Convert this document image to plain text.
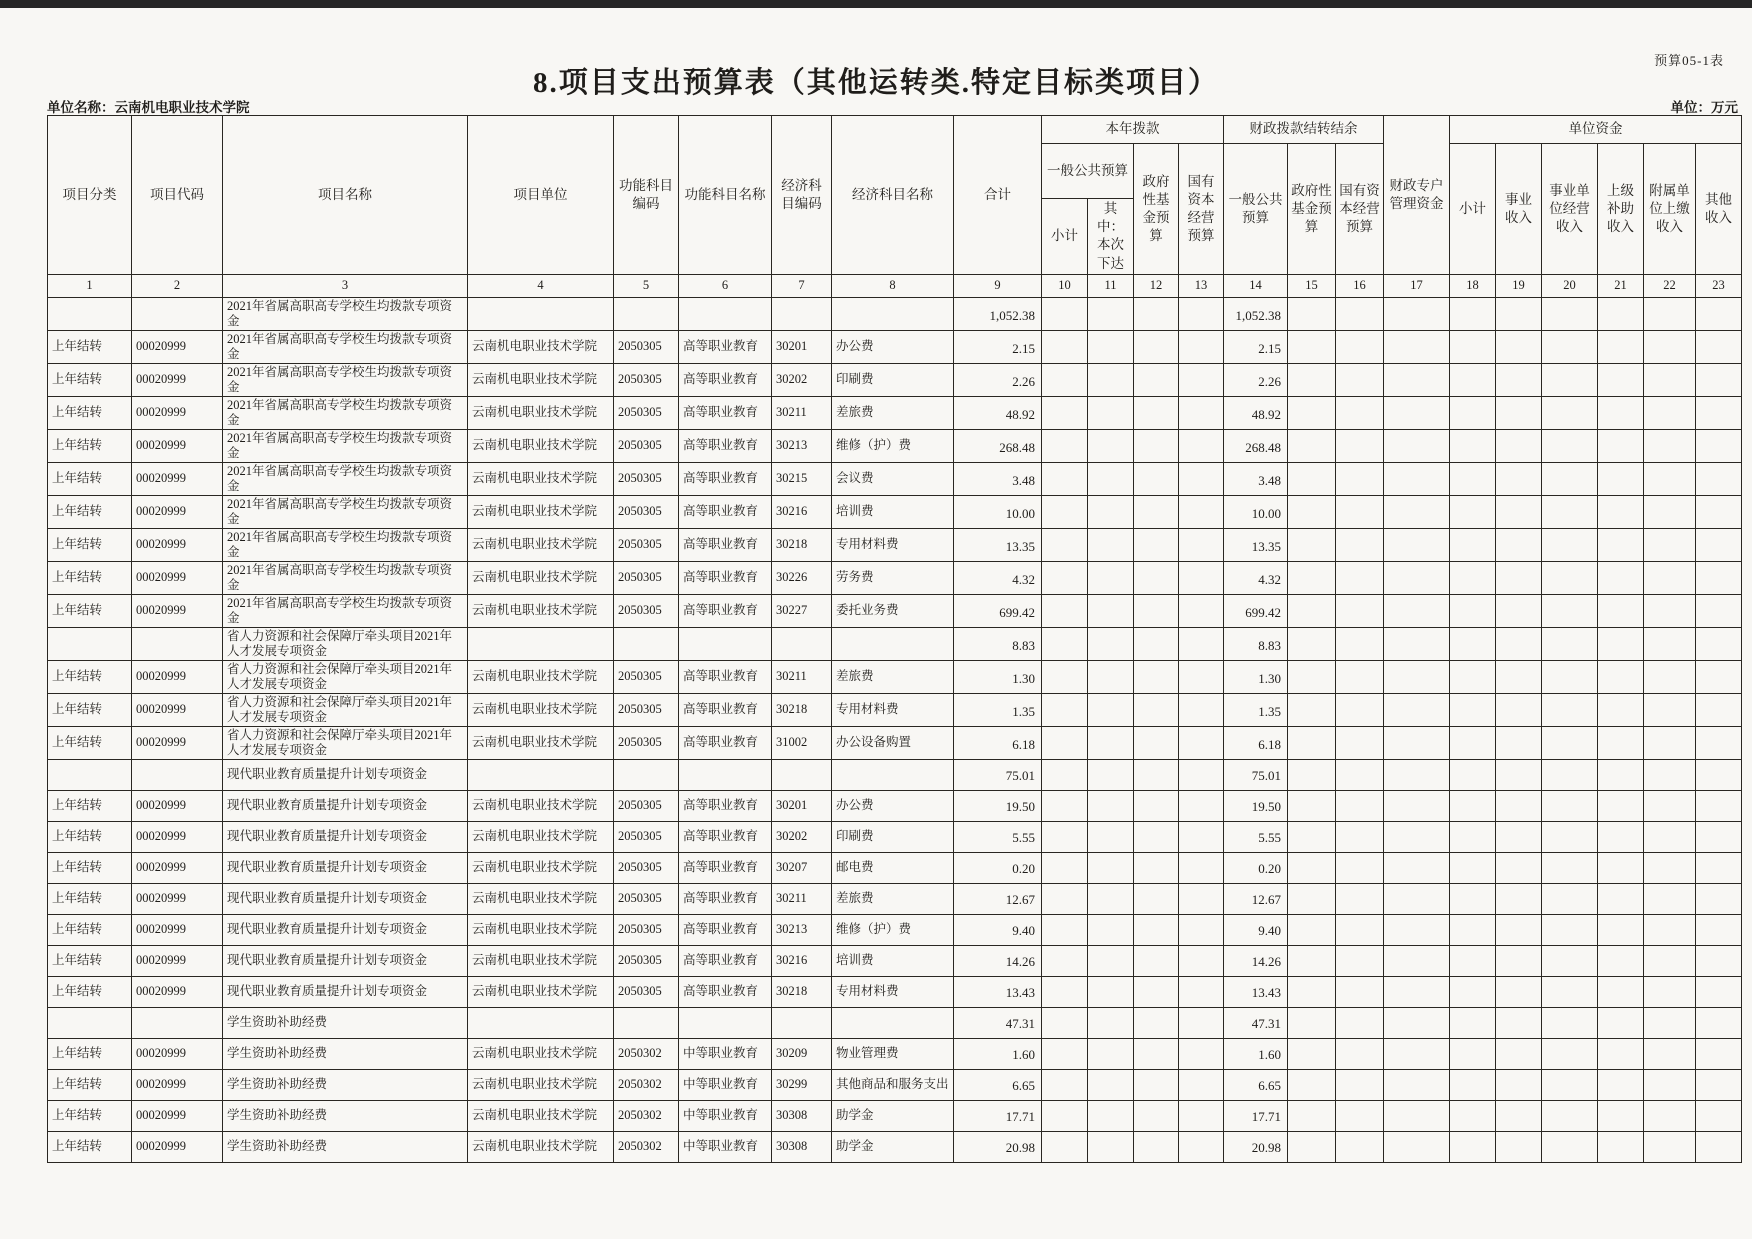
预算05-1表
8.项目支出预算表（其他运转类.特定目标类项目）
单位名称：云南机电职业技术学院	单位：万元
项目分类	项目代码	项目名称	项目单位	功能科目编码	功能科目名称	经济科目编码	经济科目名称	合计	本年拨款				财政拨款结转结余			财政专户管理资金	单位资金					
									一般公共预算		政府性基金预算	国有资本经营预算	一般公共预算	政府性基金预算	国有资本经营预算		小计	事业收入	事业单位经营收入	上级补助收入	附属单位上缴收入	其他收入
									小计	其中：本次下达												
1	2	3	4	5	6	7	8	9	10	11	12	13	14	15	16	17	18	19	20	21	22	23
		2021年省属高职高专学校生均拨款专项资金						1,052.38					1,052.38									
上年结转	00020999	2021年省属高职高专学校生均拨款专项资金	云南机电职业技术学院	2050305	高等职业教育	30201	办公费	2.15					2.15									
上年结转	00020999	2021年省属高职高专学校生均拨款专项资金	云南机电职业技术学院	2050305	高等职业教育	30202	印刷费	2.26					2.26									
上年结转	00020999	2021年省属高职高专学校生均拨款专项资金	云南机电职业技术学院	2050305	高等职业教育	30211	差旅费	48.92					48.92									
上年结转	00020999	2021年省属高职高专学校生均拨款专项资金	云南机电职业技术学院	2050305	高等职业教育	30213	维修（护）费	268.48					268.48									
上年结转	00020999	2021年省属高职高专学校生均拨款专项资金	云南机电职业技术学院	2050305	高等职业教育	30215	会议费	3.48					3.48									
上年结转	00020999	2021年省属高职高专学校生均拨款专项资金	云南机电职业技术学院	2050305	高等职业教育	30216	培训费	10.00					10.00									
上年结转	00020999	2021年省属高职高专学校生均拨款专项资金	云南机电职业技术学院	2050305	高等职业教育	30218	专用材料费	13.35					13.35									
上年结转	00020999	2021年省属高职高专学校生均拨款专项资金	云南机电职业技术学院	2050305	高等职业教育	30226	劳务费	4.32					4.32									
上年结转	00020999	2021年省属高职高专学校生均拨款专项资金	云南机电职业技术学院	2050305	高等职业教育	30227	委托业务费	699.42					699.42									
		省人力资源和社会保障厅牵头项目2021年人才发展专项资金						8.83					8.83									
上年结转	00020999	省人力资源和社会保障厅牵头项目2021年人才发展专项资金	云南机电职业技术学院	2050305	高等职业教育	30211	差旅费	1.30					1.30									
上年结转	00020999	省人力资源和社会保障厅牵头项目2021年人才发展专项资金	云南机电职业技术学院	2050305	高等职业教育	30218	专用材料费	1.35					1.35									
上年结转	00020999	省人力资源和社会保障厅牵头项目2021年人才发展专项资金	云南机电职业技术学院	2050305	高等职业教育	31002	办公设备购置	6.18					6.18									
		现代职业教育质量提升计划专项资金						75.01					75.01									
上年结转	00020999	现代职业教育质量提升计划专项资金	云南机电职业技术学院	2050305	高等职业教育	30201	办公费	19.50					19.50									
上年结转	00020999	现代职业教育质量提升计划专项资金	云南机电职业技术学院	2050305	高等职业教育	30202	印刷费	5.55					5.55									
上年结转	00020999	现代职业教育质量提升计划专项资金	云南机电职业技术学院	2050305	高等职业教育	30207	邮电费	0.20					0.20									
上年结转	00020999	现代职业教育质量提升计划专项资金	云南机电职业技术学院	2050305	高等职业教育	30211	差旅费	12.67					12.67									
上年结转	00020999	现代职业教育质量提升计划专项资金	云南机电职业技术学院	2050305	高等职业教育	30213	维修（护）费	9.40					9.40									
上年结转	00020999	现代职业教育质量提升计划专项资金	云南机电职业技术学院	2050305	高等职业教育	30216	培训费	14.26					14.26									
上年结转	00020999	现代职业教育质量提升计划专项资金	云南机电职业技术学院	2050305	高等职业教育	30218	专用材料费	13.43					13.43									
		学生资助补助经费						47.31					47.31									
上年结转	00020999	学生资助补助经费	云南机电职业技术学院	2050302	中等职业教育	30209	物业管理费	1.60					1.60									
上年结转	00020999	学生资助补助经费	云南机电职业技术学院	2050302	中等职业教育	30299	其他商品和服务支出	6.65					6.65									
上年结转	00020999	学生资助补助经费	云南机电职业技术学院	2050302	中等职业教育	30308	助学金	17.71					17.71									
上年结转	00020999	学生资助补助经费	云南机电职业技术学院	2050302	中等职业教育	30308	助学金	20.98					20.98									
